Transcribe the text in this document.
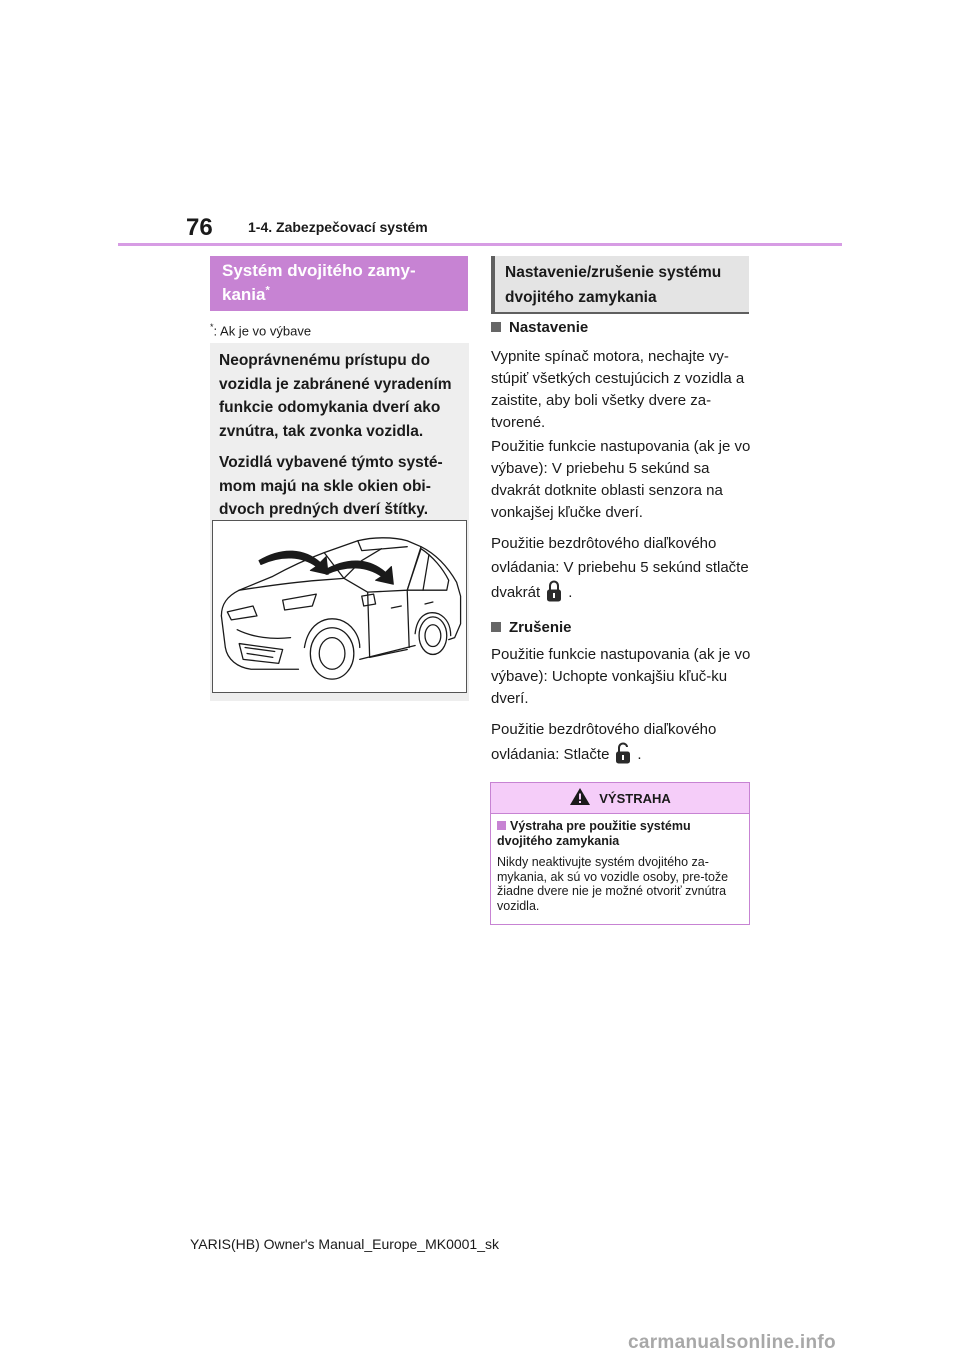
76	1-4. Zabezpečovací systém
Systém dvojitého zamy-kania*
*: Ak je vo výbave

Neoprávnenému prístupu do vozidla je zabránené vyradením funkcie odomykania dverí ako zvnútra, tak zvonka vozidla.

Vozidlá vybavené týmto systé-mom majú na skle okien obi-dvoch predných dverí štítky.

Nastavenie/zrušenie systému dvojitého zamykania
Nastavenie

Vypnite spínač motora, nechajte vy-stúpiť všetkých cestujúcich z vozidla a zaistite, aby boli všetky dvere za-tvorené.

Použitie funkcie nastupovania (ak je vo výbave): V priebehu 5 sekúnd sa dvakrát dotknite oblasti senzora na vonkajšej kľučke dverí.

Použitie bezdrôtového diaľkového ovládania: V priebehu 5 sekúnd stlačte dvakrát .

Zrušenie

Použitie funkcie nastupovania (ak je vo výbave): Uchopte vonkajšiu kľuč-ku dverí.

Použitie bezdrôtového diaľkového ovládania: Stlačte .

VÝSTRAHA
Výstraha pre použitie systému dvojitého zamykania

Nikdy neaktivujte systém dvojitého za-mykania, ak sú vo vozidle osoby, pre-tože žiadne dvere nie je možné otvoriť zvnútra vozidla.

YARIS(HB) Owner's Manual_Europe_MK0001_sk
carmanualsonline.info
